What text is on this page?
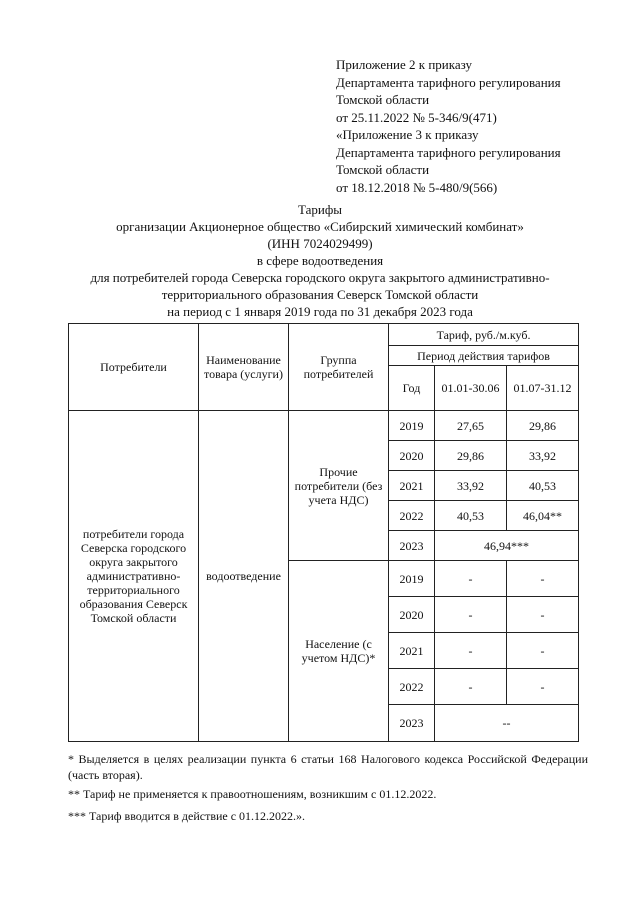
Приложение 2 к приказу
Департамента тарифного регулирования
Томской области
от 25.11.2022 № 5-346/9(471)
«Приложение 3 к приказу
Департамента тарифного регулирования
Томской области
от 18.12.2018 № 5-480/9(566)
Тарифы
организации Акционерное общество «Сибирский химический комбинат»
(ИНН 7024029499)
в сфере водоотведения
для потребителей города Северска городского округа закрытого административно-
территориального образования Северск Томской области
на период с 1 января 2019 года по 31 декабря 2023 года
Потребители	Наименование товара (услуги)	Группа потребителей	Тариф, руб./м.куб.		
			Период действия тарифов		
			Год	01.01-30.06	01.07-31.12
потребители города Северска городского округа закрытого административно-территориального образования Северск Томской области	водоотведение	Прочие потребители (без учета НДС)	2019	27,65	29,86
			2020	29,86	33,92
			2021	33,92	40,53
			2022	40,53	46,04**
			2023	46,94***	
		Население (с учетом НДС)*	2019	-	-
			2020	-	-
			2021	-	-
			2022	-	-
			2023	--	
* Выделяется в целях реализации пункта 6 статьи 168 Налогового кодекса Российской Федерации (часть вторая).
** Тариф не применяется к правоотношениям, возникшим с 01.12.2022.
*** Тариф вводится в действие с 01.12.2022.».
